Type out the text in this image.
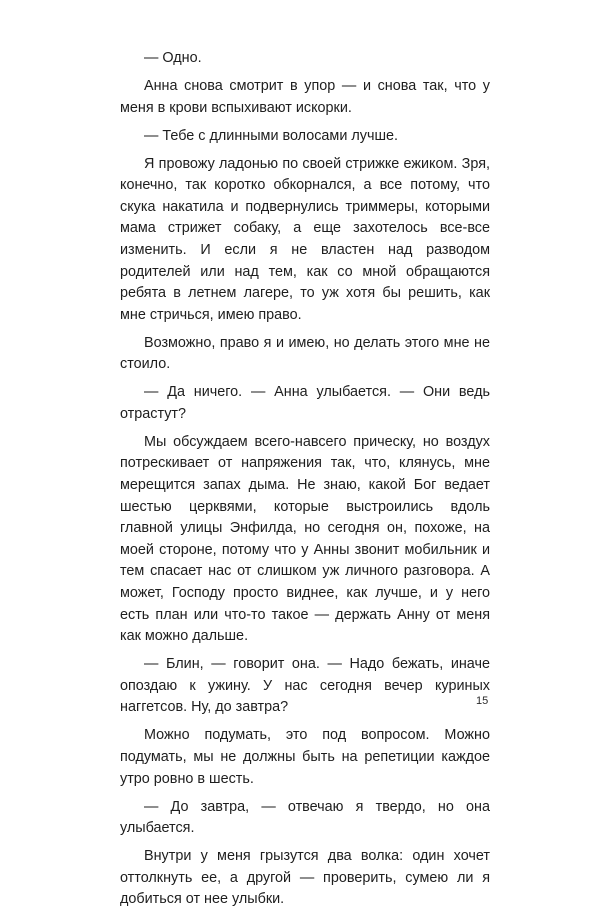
— Одно.

Анна снова смотрит в упор — и снова так, что у меня в крови вспыхивают искорки.

— Тебе с длинными волосами лучше.

Я провожу ладонью по своей стрижке ежиком. Зря, конечно, так коротко обкорнался, а все потому, что скука накатила и подвернулись триммеры, которыми мама стрижет собаку, а еще захотелось все-все изменить. И если я не властен над разводом родителей или над тем, как со мной обращаются ребята в летнем лагере, то уж хотя бы решить, как мне стричься, имею право.

Возможно, право я и имею, но делать этого мне не стоило.

— Да ничего. — Анна улыбается. — Они ведь отрастут?

Мы обсуждаем всего-навсего прическу, но воздух потрескивает от напряжения так, что, клянусь, мне мерещится запах дыма. Не знаю, какой Бог ведает шестью церквями, которые выстроились вдоль главной улицы Энфилда, но сегодня он, похоже, на моей стороне, потому что у Анны звонит мобильник и тем спасает нас от слишком уж личного разговора. А может, Господу просто виднее, как лучше, и у него есть план или что-то такое — держать Анну от меня как можно дальше.

— Блин, — говорит она. — Надо бежать, иначе опоздаю к ужину. У нас сегодня вечер куриных наггетсов. Ну, до завтра?

Можно подумать, это под вопросом. Можно подумать, мы не должны быть на репетиции каждое утро ровно в шесть.

— До завтра, — отвечаю я твердо, но она улыбается.

Внутри у меня грызутся два волка: один хочет оттолкнуть ее, а другой — проверить, сумею ли я добиться от нее улыбки.

15
